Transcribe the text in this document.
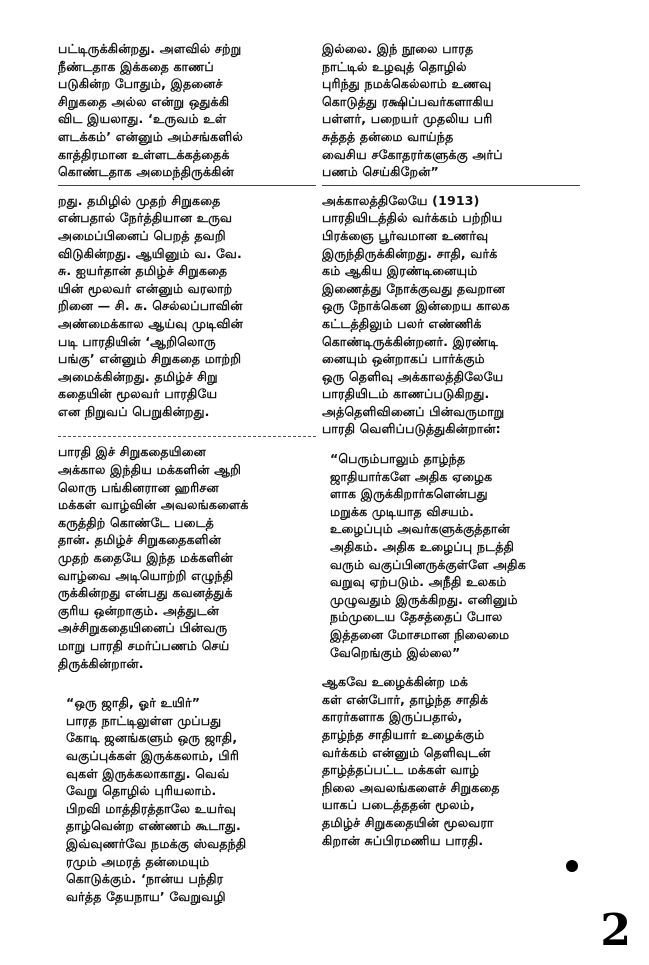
பட்டிருக்கின்றது. அளவில் சற்று
நீண்டதாக இக்கதை காணப்
படுகின்ற போதும், இதனைச்
சிறுகதை அல்ல என்று ஒதுக்கி
விட இயலாது. ‘உருவம் உள்
ளடக்கம்’ என்னும் அம்சங்களில்
காத்திரமான உள்ளடக்கத்தைக்
கொண்டதாக அமைந்திருக்கின்
றது. தமிழில் முதற் சிறுகதை
என்பதால் நேர்த்தியான உருவ
அமைப்பினைப் பெறத் தவறி
விடுகின்றது. ஆயினும் வ. வே.
சு. ஐயர்தான் தமிழ்ச் சிறுகதை
யின் மூலவர் என்னும் வரலாற்
றினை — சி. சு. செல்லப்பாவின்
அண்மைக்கால ஆய்வு முடிவின்
படி பாரதியின் ‘ஆறிலொரு
பங்கு’ என்னும் சிறுகதை மாற்றி
அமைக்கின்றது. தமிழ்ச் சிறு
கதையின் மூலவர் பாரதியே
என நிறுவப் பெறுகின்றது.
பாரதி இச் சிறுகதையினை
அக்கால இந்திய மக்களின் ஆறி
லொரு பங்கினரான ஹரிசன
மக்கள் வாழ்வின் அவலங்களைக்
கருத்திற் கொண்டே படைத்
தான். தமிழ்ச் சிறுகதைகளின்
முதற் கதையே இந்த மக்களின்
வாழ்வை அடியொற்றி எழுந்தி
ருக்கின்றது என்பது கவனத்துக்
குரிய ஒன்றாகும். அத்துடன்
அச்சிறுகதையினைப் பின்வரு
மாறு பாரதி சமர்ப்பணம் செய்
திருக்கின்றான்.
“ஒரு ஜாதி, ஓர் உயிர்”
பாரத நாட்டிலுள்ள முப்பது
கோடி ஜனங்களும் ஒரு ஜாதி,
வகுப்புக்கள் இருக்கலாம், பிரி
வுகள் இருக்கலாகாது. வெவ்
வேறு தொழில் புரியலாம்.
பிறவி மாத்திரத்தாலே உயர்வு
தாழ்வென்ற எண்ணம் கூடாது.
இவ்வுணர்வே நமக்கு ஸ்வதந்தி
ரமும் அமரத் தன்மையும்
கொடுக்கும். ‘நான்ய பந்திர
வர்த்த தேயநாய’ வேறுவழி
இல்லை. இந் நூலை பாரத
நாட்டில் உழவுத் தொழில்
புரிந்து நமக்கெல்லாம் உணவு
கொடுத்து ரக்ஷிப்பவர்களாகிய
பள்ளர், பறையர் முதலிய பரி
சுத்தத் தன்மை வாய்ந்த
வைசிய சகோதரர்களுக்கு அர்ப்
பணம் செய்கிறேன்”
அக்காலத்திலேயே (1913)
பாரதியிடத்தில் வர்க்கம் பற்றிய
பிரக்ஞை பூர்வமான உணர்வு
இருந்திருக்கின்றது. சாதி, வர்க்
கம் ஆகிய இரண்டினையும்
இணைத்து நோக்குவது தவறான
ஒரு நோக்கென இன்றைய காலக
கட்டத்திலும் பலர் எண்ணிக்
கொண்டிருக்கின்றனர். இரண்டி
னையும் ஒன்றாகப் பார்க்கும்
ஒரு தெளிவு அக்காலத்திலேயே
பாரதியிடம் காணப்படுகிறது.
அத்தெளிவினைப் பின்வருமாறு
பாரதி வெளிப்படுத்துகின்றான்:
“பெரும்பாலும் தாழ்ந்த
ஜாதியார்களே அதிக ஏழைக
ளாக இருக்கிறார்களென்பது
மறுக்க முடியாத விசயம்.
உழைப்பும் அவர்களுக்குத்தான்
அதிகம். அதிக உழைப்பு நடத்தி
வரும் வகுப்பினருக்குள்ளே அதிக
வறுவு ஏற்படும். அநீதி உலகம்
முழுவதும் இருக்கிறது. எனினும்
நம்முடைய தேசத்தைப் போல
இத்தனை மோசமான நிலைமை
வேறெங்கும் இல்லை”
ஆகவே உழைக்கின்ற மக்
கள் என்போர், தாழ்ந்த சாதிக்
காரர்களாக இருப்பதால்,
தாழ்ந்த சாதியார் உழைக்கும்
வர்க்கம் என்னும் தெளிவுடன்
தாழ்த்தப்பட்ட மக்கள் வாழ்
நிலை அவலங்களைச் சிறுகதை
யாகப் படைத்ததன் மூலம்,
தமிழ்ச் சிறுகதையின் மூலவரா
கிறான் சுப்பிரமணிய பாரதி.
2
